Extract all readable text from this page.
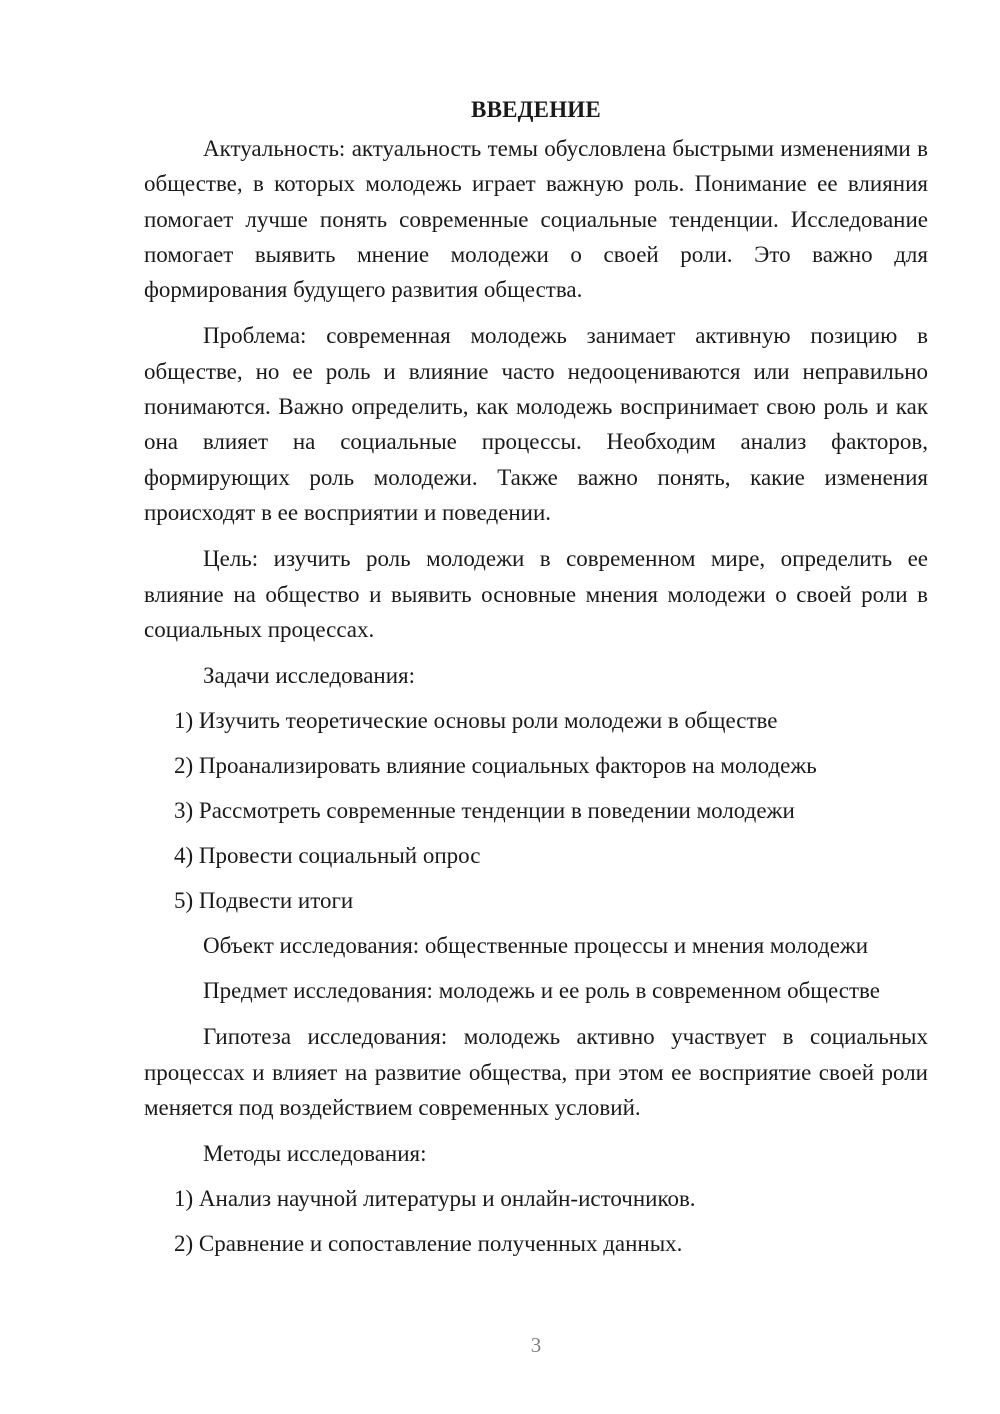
ВВЕДЕНИЕ

Актуальность: актуальность темы обусловлена быстрыми изменениями в обществе, в которых молодежь играет важную роль. Понимание ее влияния помогает лучше понять современные социальные тенденции. Исследование помогает выявить мнение молодежи о своей роли. Это важно для формирования будущего развития общества.

Проблема: современная молодежь занимает активную позицию в обществе, но ее роль и влияние часто недооцениваются или неправильно понимаются. Важно определить, как молодежь воспринимает свою роль и как она влияет на социальные процессы. Необходим анализ факторов, формирующих роль молодежи. Также важно понять, какие изменения происходят в ее восприятии и поведении.

Цель: изучить роль молодежи в современном мире, определить ее влияние на общество и выявить основные мнения молодежи о своей роли в социальных процессах.

Задачи исследования:
1) Изучить теоретические основы роли молодежи в обществе
2) Проанализировать влияние социальных факторов на молодежь
3) Рассмотреть современные тенденции в поведении молодежи
4) Провести социальный опрос
5) Подвести итоги
Объект исследования: общественные процессы и мнения молодежи

Предмет исследования: молодежь и ее роль в современном обществе

Гипотеза исследования: молодежь активно участвует в социальных процессах и влияет на развитие общества, при этом ее восприятие своей роли меняется под воздействием современных условий.

Методы исследования:
1) Анализ научной литературы и онлайн-источников.
2) Сравнение и сопоставление полученных данных.
3
